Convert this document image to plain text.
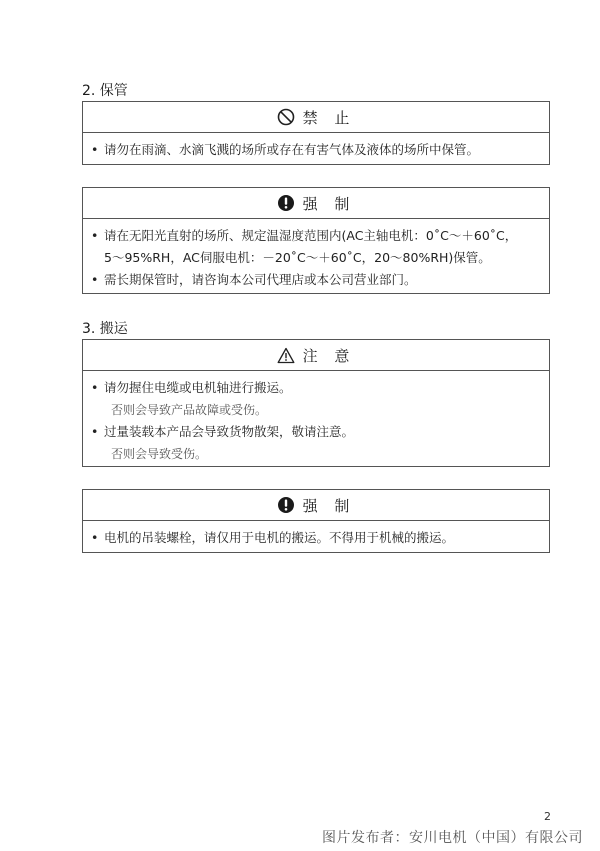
2. 保管
禁 止
• 请勿在雨滴、水滴飞溅的场所或存在有害气体及液体的场所中保管。
强 制
• 请在无阳光直射的场所、规定温湿度范围内(AC主轴电机：0˚C～＋60˚C，
5～95%RH，AC伺服电机：－20˚C～＋60˚C，20～80%RH)保管。
• 需长期保管时，请咨询本公司代理店或本公司营业部门。
3. 搬运
注 意
• 请勿握住电缆或电机轴进行搬运。
否则会导致产品故障或受伤。
• 过量装载本产品会导致货物散架，敬请注意。
否则会导致受伤。
强 制
• 电机的吊装螺栓，请仅用于电机的搬运。不得用于机械的搬运。
2
图片发布者：安川电机（中国）有限公司
